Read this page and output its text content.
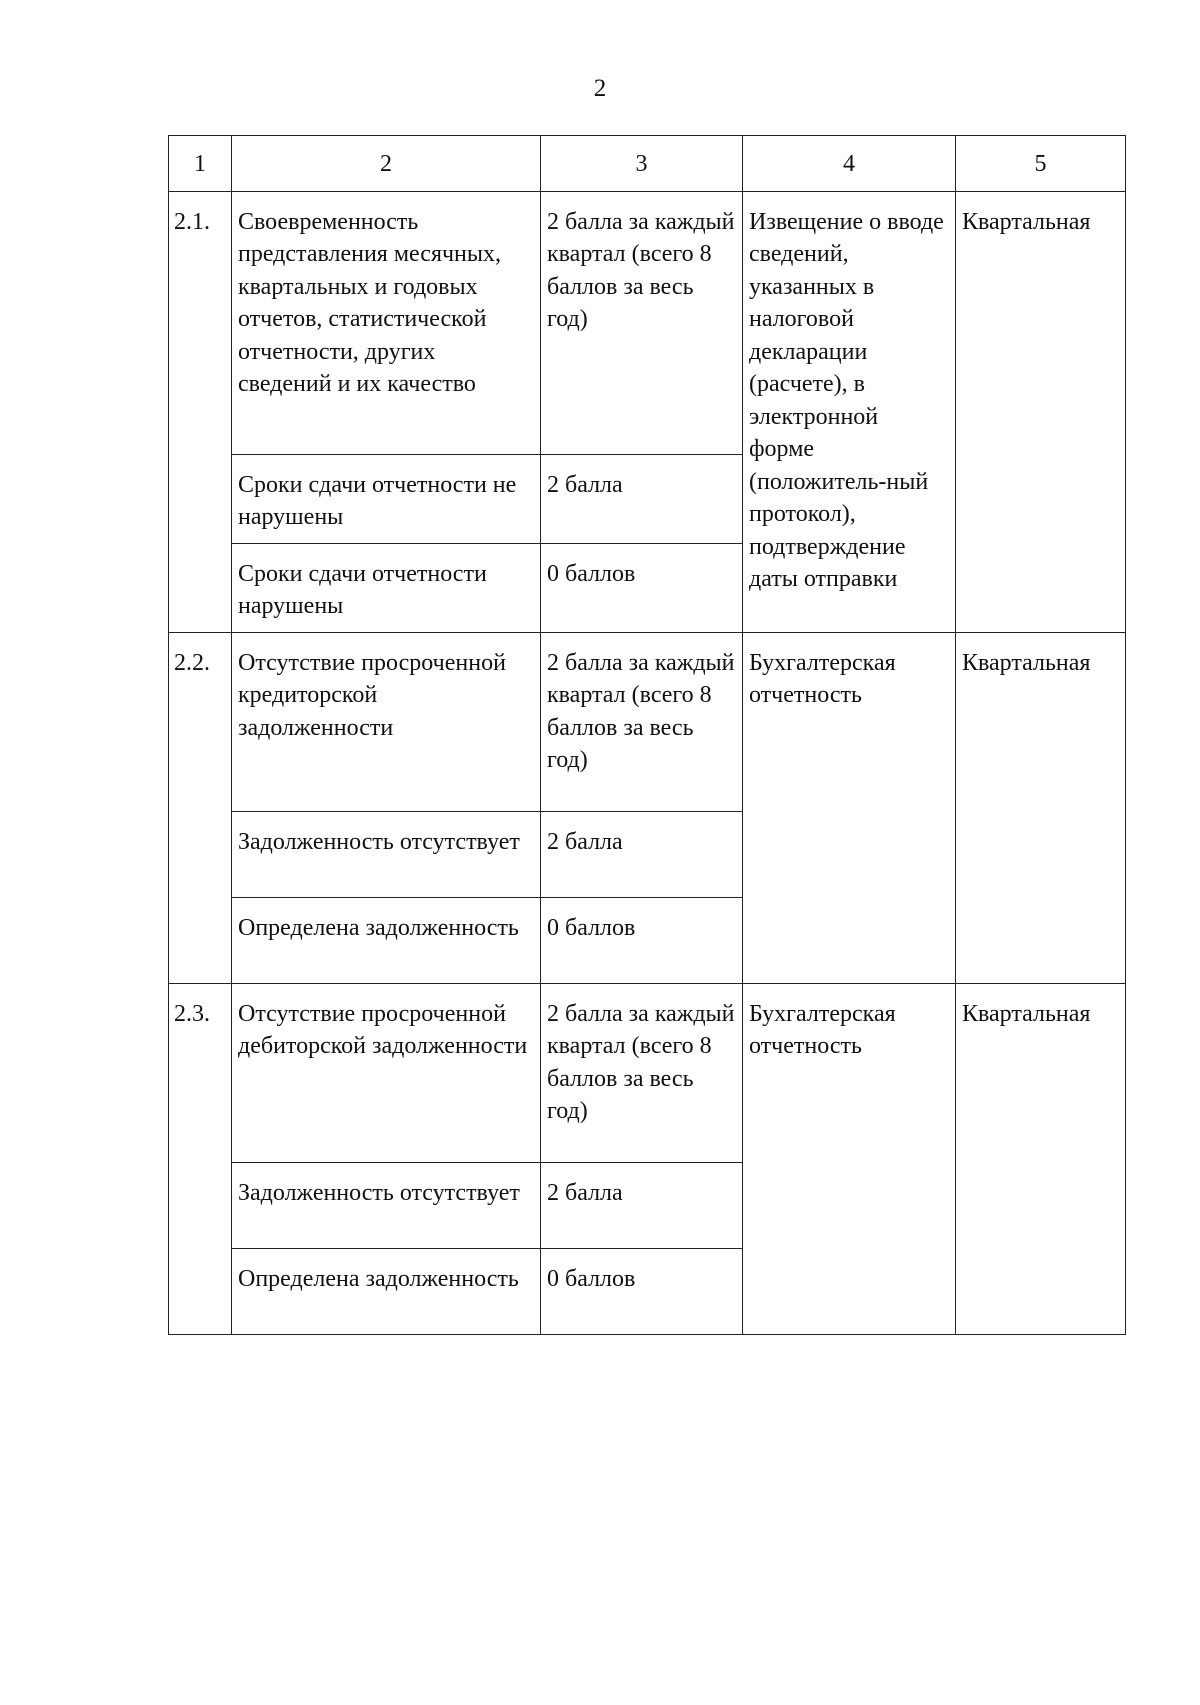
2
1	2	3	4	5
2.1.	Своевременность представления месячных, квартальных и годовых отчетов, статистической отчетности, других сведений и их качество	2 балла за каждый квартал (всего 8 баллов за весь год)	Извещение о вводе сведений, указанных в налоговой декларации (расчете), в электронной форме (положитель-ный протокол), подтверждение даты отправки	Квартальная
	Сроки сдачи отчетности не нарушены	2 балла		
	Сроки сдачи отчетности нарушены	0 баллов		
2.2.	Отсутствие просроченной кредиторской задолженности	2 балла за каждый квартал (всего 8 баллов за весь год)	Бухгалтерская отчетность	Квартальная
	Задолженность отсутствует	2 балла		
	Определена задолженность	0 баллов		
2.3.	Отсутствие просроченной дебиторской задолженности	2 балла за каждый квартал (всего 8 баллов за весь год)	Бухгалтерская отчетность	Квартальная
	Задолженность отсутствует	2 балла		
	Определена задолженность	0 баллов		
